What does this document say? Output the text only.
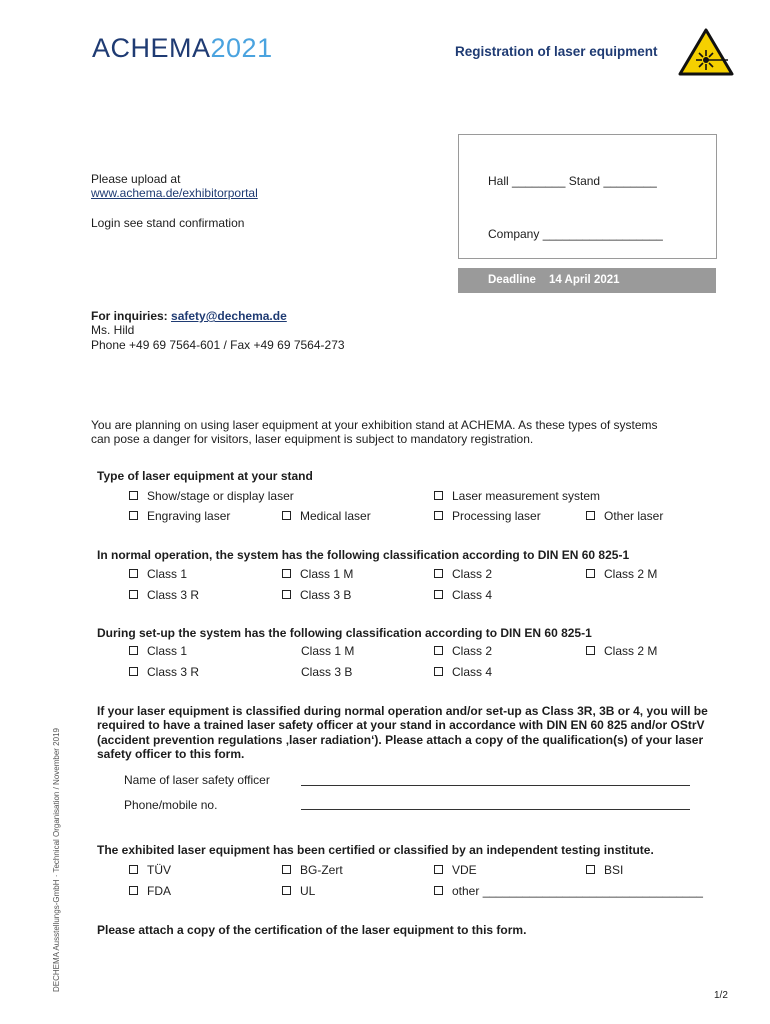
ACHEMA2021	Registration of laser equipment
Please upload at
www.achema.de/exhibitorportal
Login see stand confirmation
Hall ________ Stand ________
Company __________________
Deadline 14 April 2021
For inquiries: safety@dechema.de
Ms. Hild
Phone +49 69 7564-601 / Fax +49 69 7564-273
You are planning on using laser equipment at your exhibition stand at ACHEMA. As these types of systems
can pose a danger for visitors, laser equipment is subject to mandatory registration.
Type of laser equipment at your stand
Show/stage or display laser	Laser measurement system
Engraving laser	Medical laser	Processing laser	Other laser
In normal operation, the system has the following classification according to DIN EN 60 825-1
Class 1	Class 1 M	Class 2	Class 2 M
Class 3 R	Class 3 B	Class 4
During set-up the system has the following classification according to DIN EN 60 825-1
Class 1	Class 1 M	Class 2	Class 2 M
Class 3 R	Class 3 B	Class 4
If your laser equipment is classified during normal operation and/or set-up as Class 3R, 3B or 4, you will be
required to have a trained laser safety officer at your stand in accordance with DIN EN 60 825 and/or OStrV
(accident prevention regulations ‚laser radiation‘). Please attach a copy of the qualification(s) of your laser
safety officer to this form.
Name of laser safety officer
Phone/mobile no.
The exhibited laser equipment has been certified or classified by an independent testing institute.
TÜV	BG-Zert	VDE	BSI
FDA	UL	other _________________________________
Please attach a copy of the certification of the laser equipment to this form.
DECHEMA Ausstellungs-GmbH · Technical Organisation / November 2019
1/2
